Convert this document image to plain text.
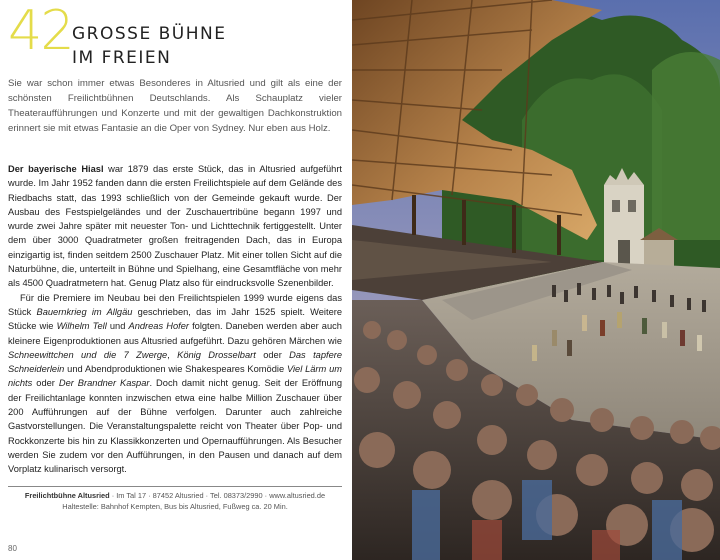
42 GROSSE BÜHNE
IM FREIEN
Sie war schon immer etwas Besonderes in Altusried und gilt als eine der schönsten Freilichtbühnen Deutschlands. Als Schauplatz vieler Theateraufführungen und Konzerte und mit der gewaltigen Dachkonstruktion erinnert sie mit etwas Fantasie an die Oper von Sydney. Nur eben aus Holz.

Der bayerische Hiasl war 1879 das erste Stück, das in Altusried aufgeführt wurde. Im Jahr 1952 fanden dann die ersten Freilichtspiele auf dem Gelände des Riedbachs statt, das 1993 schließlich von der Gemeinde gekauft wurde. Der Ausbau des Festspielgeländes und der Zuschauertribüne begann 1997 und wurde zwei Jahre später mit neuester Ton- und Lichttechnik fertiggestellt. Unter dem über 3000 Quadratmeter großen freitragenden Dach, das in Europa einzigartig ist, finden seitdem 2500 Zuschauer Platz. Mit einer tollen Sicht auf die Naturbühne, die, unterteilt in Bühne und Spielhang, eine Gesamtfläche von mehr als 4500 Quadratmetern hat. Genug Platz also für eindrucksvolle Szenenbilder.

Für die Premiere im Neubau bei den Freilichtspielen 1999 wurde eigens das Stück Bauernkrieg im Allgäu geschrieben, das im Jahr 1525 spielt. Weitere Stücke wie Wilhelm Tell und Andreas Hofer folgten. Daneben werden aber auch kleinere Eigenproduktionen aus Altusried aufgeführt. Dazu gehören Märchen wie Schneewittchen und die 7 Zwerge, König Drosselbart oder Das tapfere Schneiderlein und Abendproduktionen wie Shakespeares Komödie Viel Lärm um nichts oder Der Brandner Kaspar. Doch damit nicht genug. Seit der Eröffnung der Freilichtanlage konnten inzwischen etwa eine halbe Million Zuschauer über 200 Aufführungen auf der Bühne verfolgen. Darunter auch zahlreiche Gastvorstellungen. Die Veranstaltungspalette reicht von Theater über Pop- und Rockkonzerte bis hin zu Klassikkonzerten und Opernaufführungen. Als Besucher werden Sie zudem vor den Aufführungen, in den Pausen und danach auf dem Vorplatz kulinarisch versorgt.

Freilichtbühne Altusried · Im Tal 17 · 87452 Altusried · Tel. 08373/2990 · www.altusried.de
Haltestelle: Bahnhof Kempten, Bus bis Altusried, Fußweg ca. 20 Min.
80
